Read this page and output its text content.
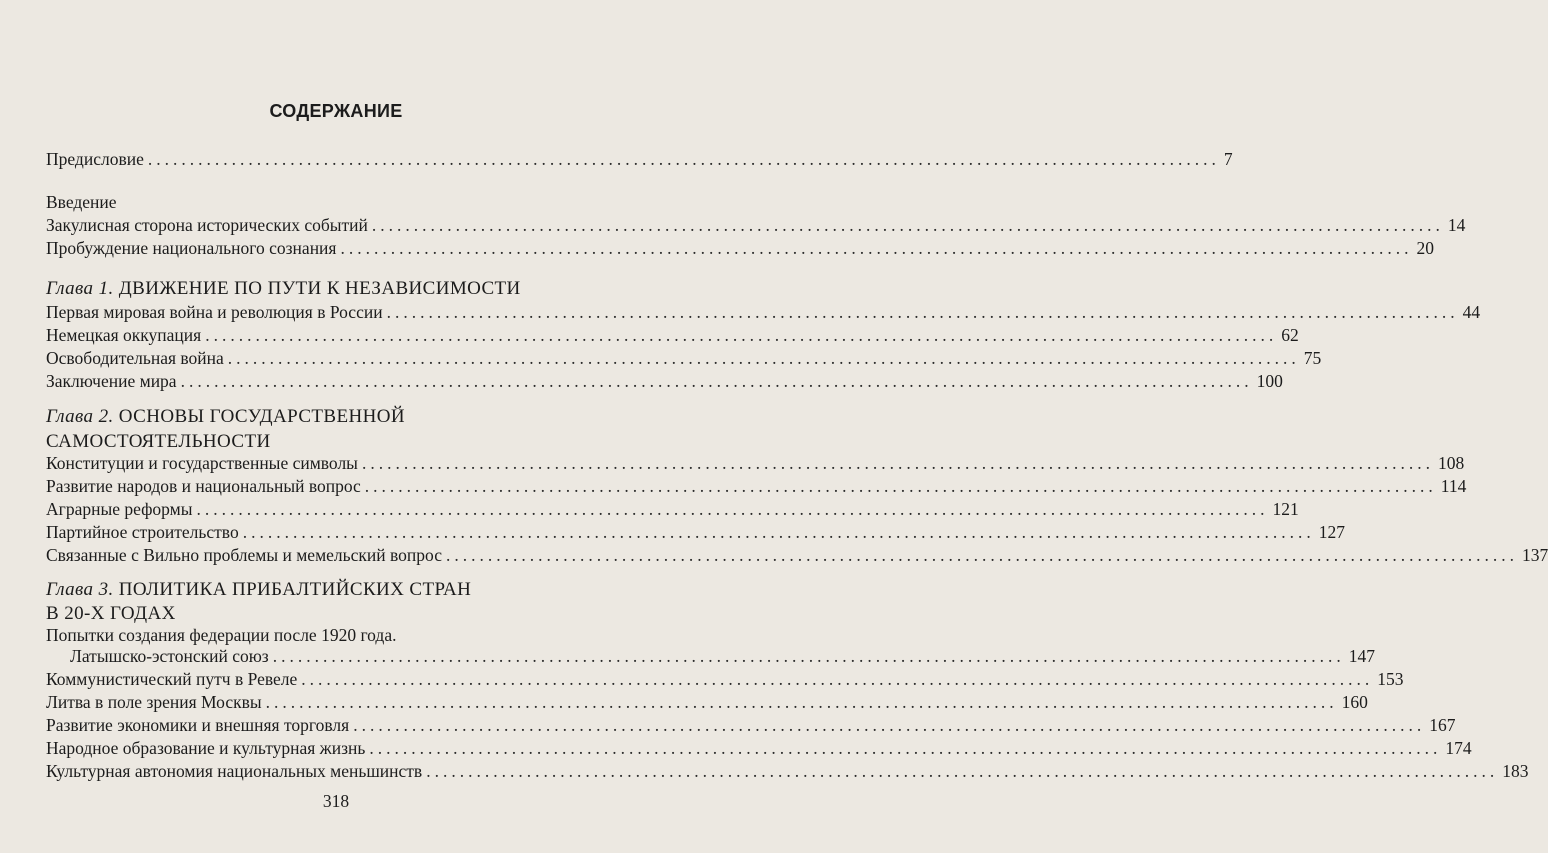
СОДЕРЖАНИЕ
Предисловие ................................................................................................................................ 7
Введение
Закулисная сторона исторических событий ................................................................................................................................ 14
Пробуждение национального сознания ................................................................................................................................ 20
Глава 1. ДВИЖЕНИЕ ПО ПУТИ К НЕЗАВИСИМОСТИ
Первая мировая война и революция в России ................................................................................................................................ 44
Немецкая оккупация ................................................................................................................................ 62
Освободительная война ................................................................................................................................ 75
Заключение мира ................................................................................................................................ 100
Глава 2. ОСНОВЫ ГОСУДАРСТВЕННОЙ
САМОСТОЯТЕЛЬНОСТИ
Конституции и государственные символы ................................................................................................................................ 108
Развитие народов и национальный вопрос ................................................................................................................................ 114
Аграрные реформы ................................................................................................................................ 121
Партийное строительство ................................................................................................................................ 127
Связанные с Вильно проблемы и мемельский вопрос ................................................................................................................................ 137
Глава 3. ПОЛИТИКА ПРИБАЛТИЙСКИХ СТРАН
В 20-Х ГОДАХ
Попытки создания федерации после 1920 года.
Латышско-эстонский союз ................................................................................................................................ 147
Коммунистический путч в Ревеле ................................................................................................................................ 153
Литва в поле зрения Москвы ................................................................................................................................ 160
Развитие экономики и внешняя торговля ................................................................................................................................ 167
Народное образование и культурная жизнь ................................................................................................................................ 174
Культурная автономия национальных меньшинств ................................................................................................................................ 183
318
